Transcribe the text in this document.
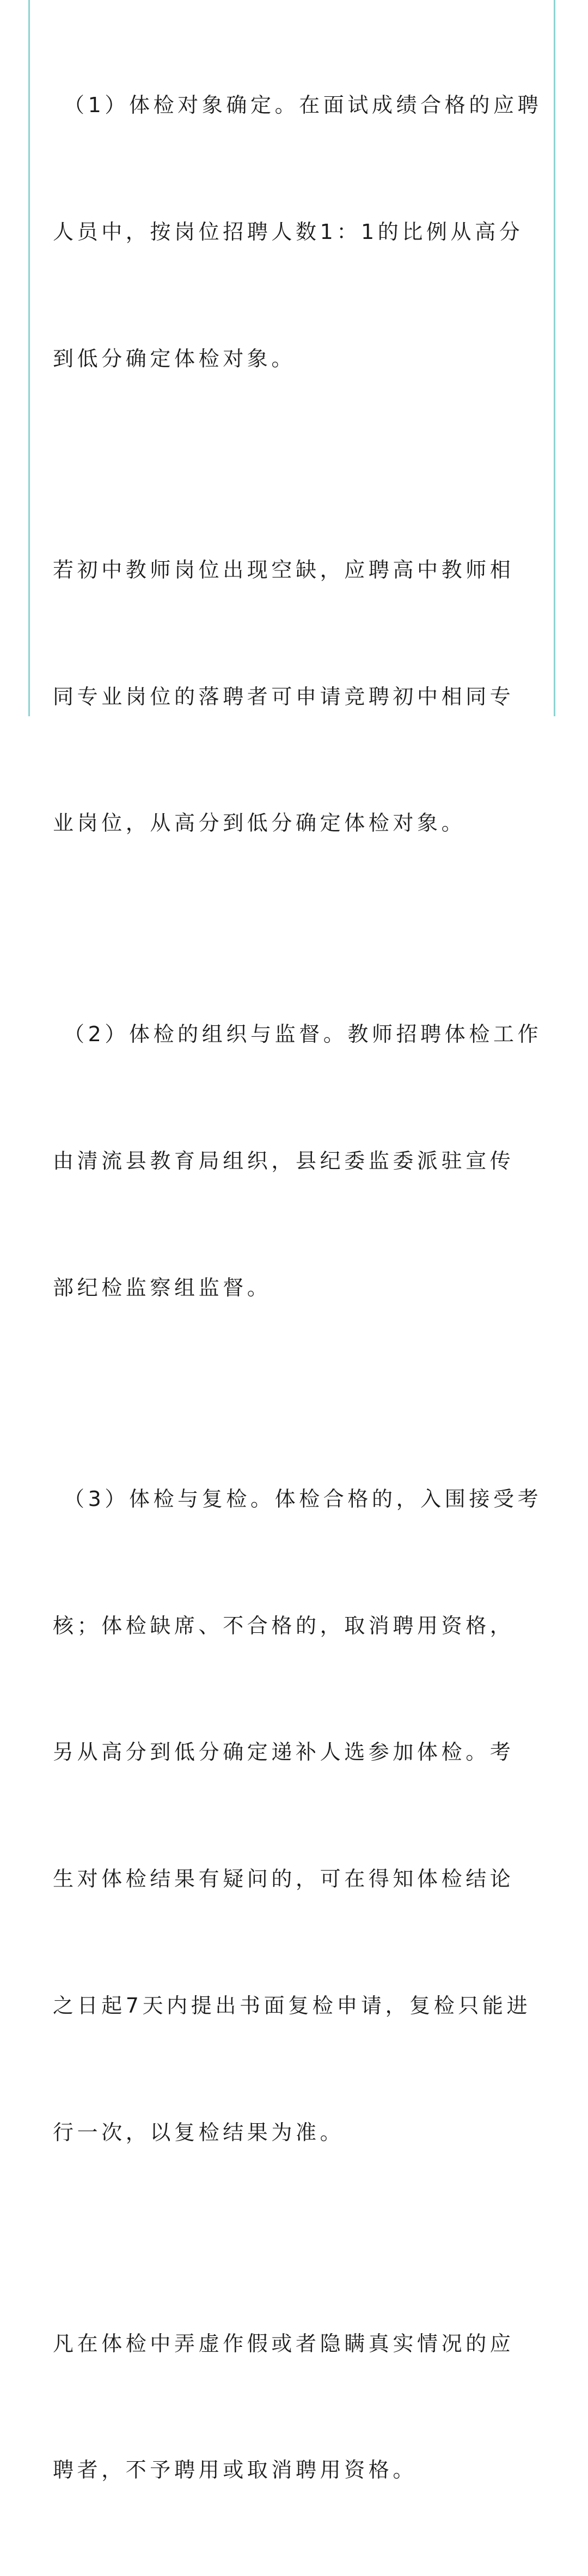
（1）体检对象确定。在面试成绩合格的应聘

人员中，按岗位招聘人数1：1的比例从高分

到低分确定体检对象。

若初中教师岗位出现空缺，应聘高中教师相

同专业岗位的落聘者可申请竞聘初中相同专

业岗位，从高分到低分确定体检对象。

（2）体检的组织与监督。教师招聘体检工作

由清流县教育局组织，县纪委监委派驻宣传

部纪检监察组监督。

（3）体检与复检。体检合格的，入围接受考

核；体检缺席、不合格的，取消聘用资格，

另从高分到低分确定递补人选参加体检。考

生对体检结果有疑问的，可在得知体检结论

之日起7天内提出书面复检申请，复检只能进

行一次，以复检结果为准。

凡在体检中弄虚作假或者隐瞒真实情况的应

聘者，不予聘用或取消聘用资格。
